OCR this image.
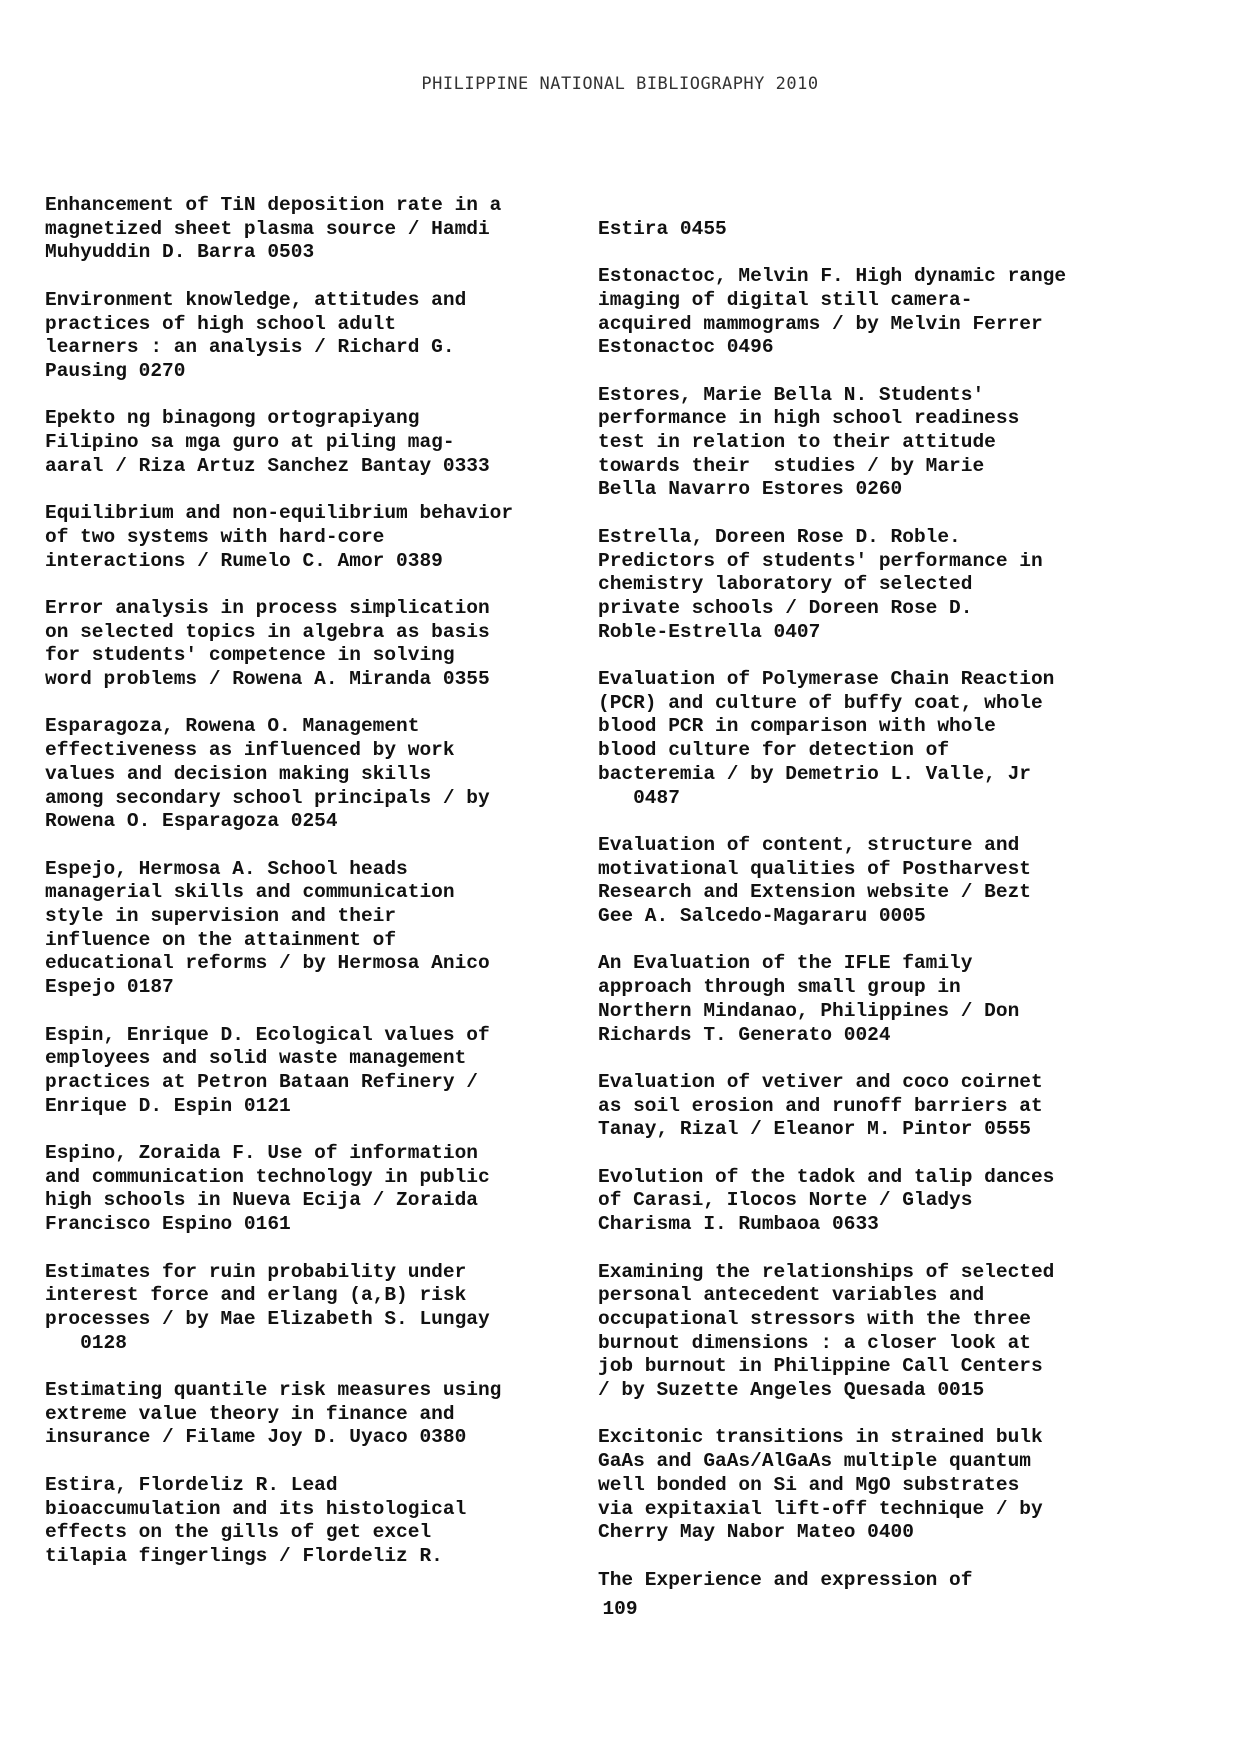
PHILIPPINE NATIONAL BIBLIOGRAPHY 2010
Enhancement of TiN deposition rate in a
magnetized sheet plasma source / Hamdi
Muhyuddin D. Barra 0503
Environment knowledge, attitudes and
practices of high school adult
learners : an analysis / Richard G.
Pausing 0270
Epekto ng binagong ortograpiyang
Filipino sa mga guro at piling mag-
aaral / Riza Artuz Sanchez Bantay 0333
Equilibrium and non-equilibrium behavior
of two systems with hard-core
interactions / Rumelo C. Amor 0389
Error analysis in process simplication
on selected topics in algebra as basis
for students' competence in solving
word problems / Rowena A. Miranda 0355
Esparagoza, Rowena O. Management
effectiveness as influenced by work
values and decision making skills
among secondary school principals / by
Rowena O. Esparagoza 0254
Espejo, Hermosa A. School heads
managerial skills and communication
style in supervision and their
influence on the attainment of
educational reforms / by Hermosa Anico
Espejo 0187
Espin, Enrique D. Ecological values of
employees and solid waste management
practices at Petron Bataan Refinery /
Enrique D. Espin 0121
Espino, Zoraida F. Use of information
and communication technology in public
high schools in Nueva Ecija / Zoraida
Francisco Espino 0161
Estimates for ruin probability under
interest force and erlang (a,B) risk
processes / by Mae Elizabeth S. Lungay
0128
Estimating quantile risk measures using
extreme value theory in finance and
insurance / Filame Joy D. Uyaco 0380
Estira, Flordeliz R. Lead
bioaccumulation and its histological
effects on the gills of get excel
tilapia fingerlings / Flordeliz R.

Estira 0455
Estonactoc, Melvin F. High dynamic range
imaging of digital still camera-
acquired mammograms / by Melvin Ferrer
Estonactoc 0496
Estores, Marie Bella N. Students'
performance in high school readiness
test in relation to their attitude
towards their  studies / by Marie
Bella Navarro Estores 0260
Estrella, Doreen Rose D. Roble.
Predictors of students' performance in
chemistry laboratory of selected
private schools / Doreen Rose D.
Roble-Estrella 0407
Evaluation of Polymerase Chain Reaction
(PCR) and culture of buffy coat, whole
blood PCR in comparison with whole
blood culture for detection of
bacteremia / by Demetrio L. Valle, Jr
0487
Evaluation of content, structure and
motivational qualities of Postharvest
Research and Extension website / Bezt
Gee A. Salcedo-Magararu 0005
An Evaluation of the IFLE family
approach through small group in
Northern Mindanao, Philippines / Don
Richards T. Generato 0024
Evaluation of vetiver and coco coirnet
as soil erosion and runoff barriers at
Tanay, Rizal / Eleanor M. Pintor 0555
Evolution of the tadok and talip dances
of Carasi, Ilocos Norte / Gladys
Charisma I. Rumbaoa 0633
Examining the relationships of selected
personal antecedent variables and
occupational stressors with the three
burnout dimensions : a closer look at
job burnout in Philippine Call Centers
/ by Suzette Angeles Quesada 0015
Excitonic transitions in strained bulk
GaAs and GaAs/AlGaAs multiple quantum
well bonded on Si and MgO substrates
via expitaxial lift-off technique / by
Cherry May Nabor Mateo 0400
The Experience and expression of
109
